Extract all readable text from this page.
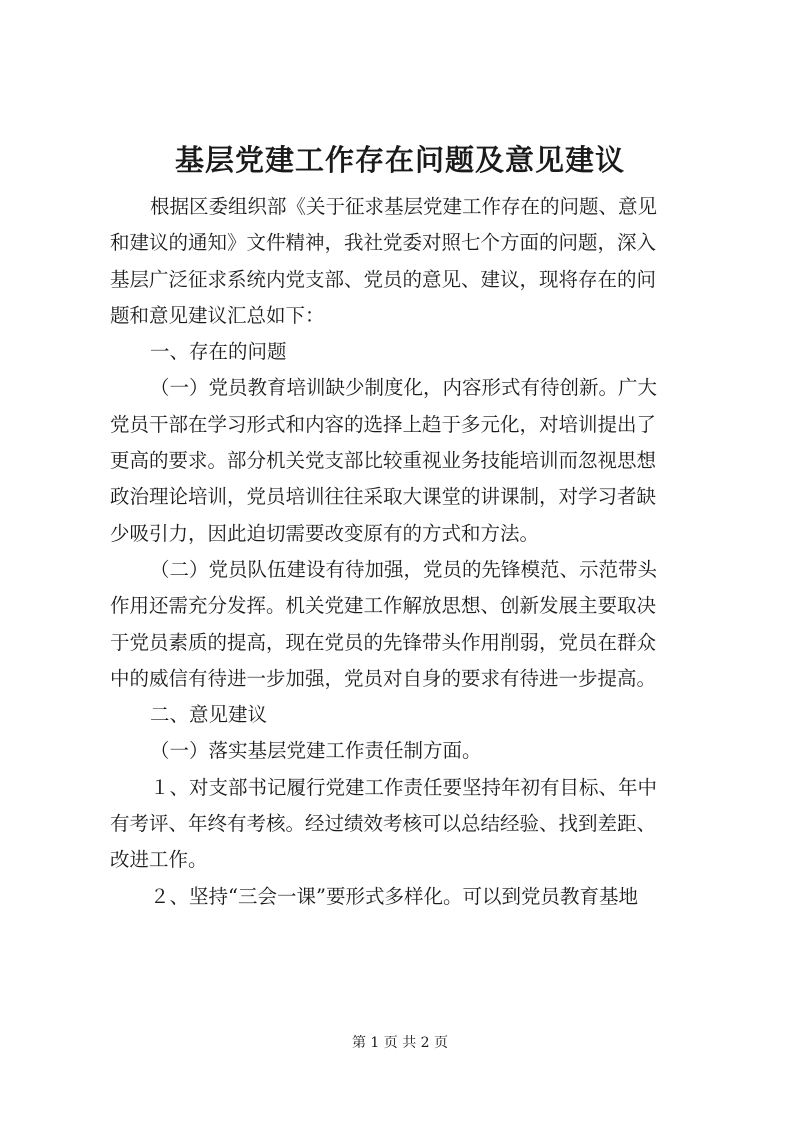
基层党建工作存在问题及意见建议
根据区委组织部《关于征求基层党建工作存在的问题、意见
和建议的通知》文件精神，我社党委对照七个方面的问题，深入
基层广泛征求系统内党支部、党员的意见、建议，现将存在的问
题和意见建议汇总如下：
一、存在的问题
（一）党员教育培训缺少制度化，内容形式有待创新。广大
党员干部在学习形式和内容的选择上趋于多元化，对培训提出了
更高的要求。部分机关党支部比较重视业务技能培训而忽视思想
政治理论培训，党员培训往往采取大课堂的讲课制，对学习者缺
少吸引力，因此迫切需要改变原有的方式和方法。
（二）党员队伍建设有待加强，党员的先锋模范、示范带头
作用还需充分发挥。机关党建工作解放思想、创新发展主要取决
于党员素质的提高，现在党员的先锋带头作用削弱，党员在群众
中的威信有待进一步加强，党员对自身的要求有待进一步提高。
二、意见建议
（一）落实基层党建工作责任制方面。
１、对支部书记履行党建工作责任要坚持年初有目标、年中
有考评、年终有考核。经过绩效考核可以总结经验、找到差距、
改进工作。
２、坚持“三会一课”要形式多样化。可以到党员教育基地
第 1 页 共 2 页
